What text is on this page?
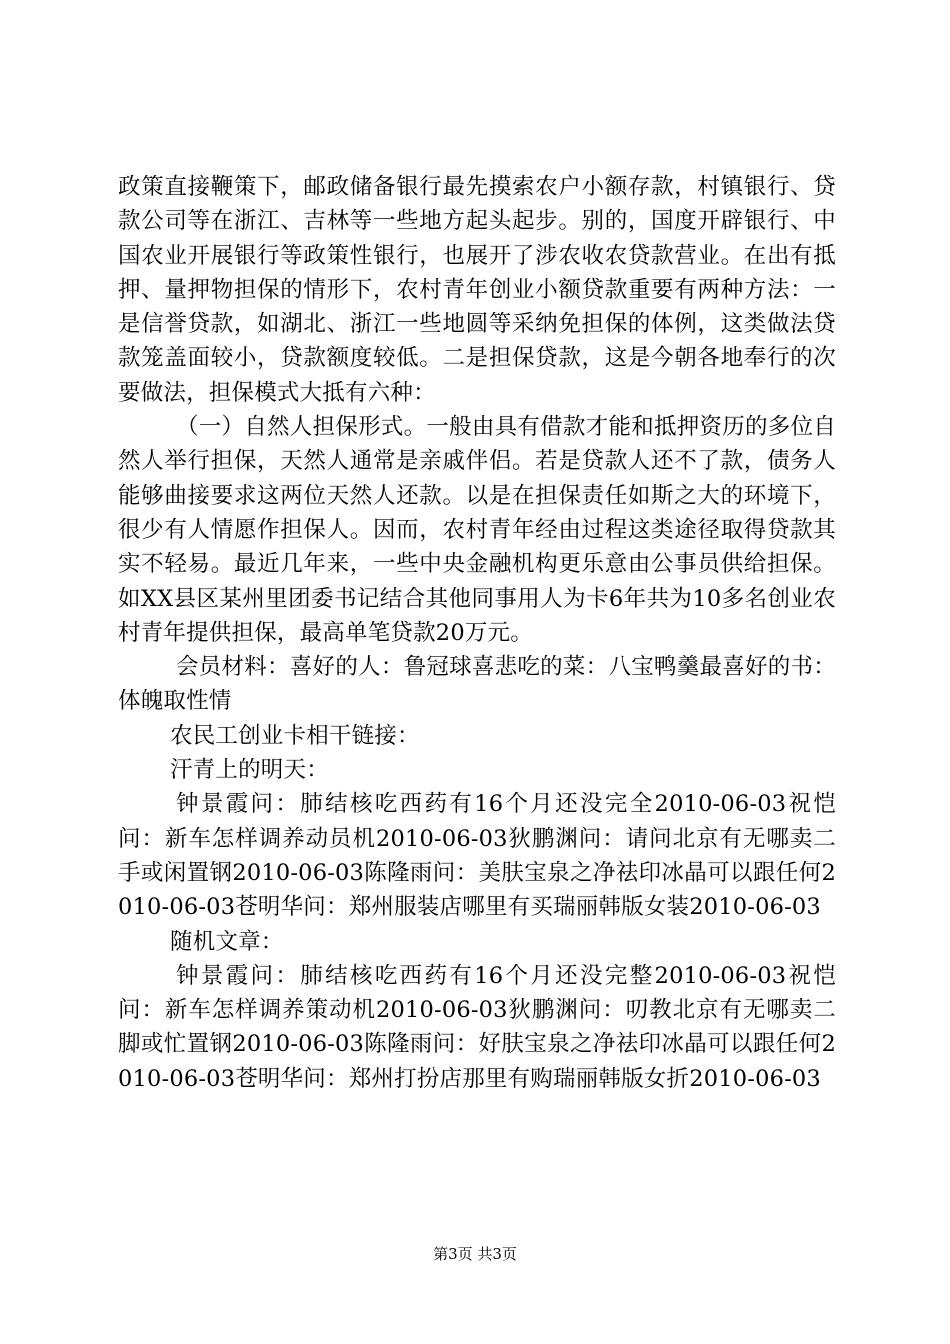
政策直接鞭策下，邮政储备银行最先摸索农户小额存款，村镇银行、贷款公司等在浙江、吉林等一些地方起头起步。别的，国度开辟银行、中国农业开展银行等政策性银行，也展开了涉农收农贷款营业。在出有抵押、量押物担保的情形下，农村青年创业小额贷款重要有两种方法：一是信誉贷款，如湖北、浙江一些地圆等采纳免担保的体例，这类做法贷款笼盖面较小，贷款额度较低。二是担保贷款，这是今朝各地奉行的次要做法，担保模式大抵有六种：

（一）自然人担保形式。一般由具有借款才能和抵押资历的多位自然人举行担保，天然人通常是亲戚伴侣。若是贷款人还不了款，债务人能够曲接要求这两位天然人还款。以是在担保责任如斯之大的环境下，很少有人情愿作担保人。因而，农村青年经由过程这类途径取得贷款其实不轻易。最近几年来，一些中央金融机构更乐意由公事员供给担保。如XX县区某州里团委书记结合其他同事用人为卡6年共为10多名创业农村青年提供担保，最高单笔贷款20万元。

会员材料：喜好的人：鲁冠球喜悲吃的菜：八宝鸭羹最喜好的书：体魄取性情

农民工创业卡相干链接：

汗青上的明天：

钟景霞问：肺结核吃西药有16个月还没完全2010-06-03祝恺问：新车怎样调养动员机2010-06-03狄鹏渊问：请问北京有无哪卖二手或闲置钢2010-06-03陈隆雨问：美肤宝泉之净祛印冰晶可以跟任何2010-06-03苍明华问：郑州服装店哪里有买瑞丽韩版女装2010-06-03

随机文章：

钟景霞问：肺结核吃西药有16个月还没完整2010-06-03祝恺问：新车怎样调养策动机2010-06-03狄鹏渊问：叨教北京有无哪卖二脚或忙置钢2010-06-03陈隆雨问：好肤宝泉之净祛印冰晶可以跟任何2010-06-03苍明华问：郑州打扮店那里有购瑞丽韩版女折2010-06-03

第3页 共3页
